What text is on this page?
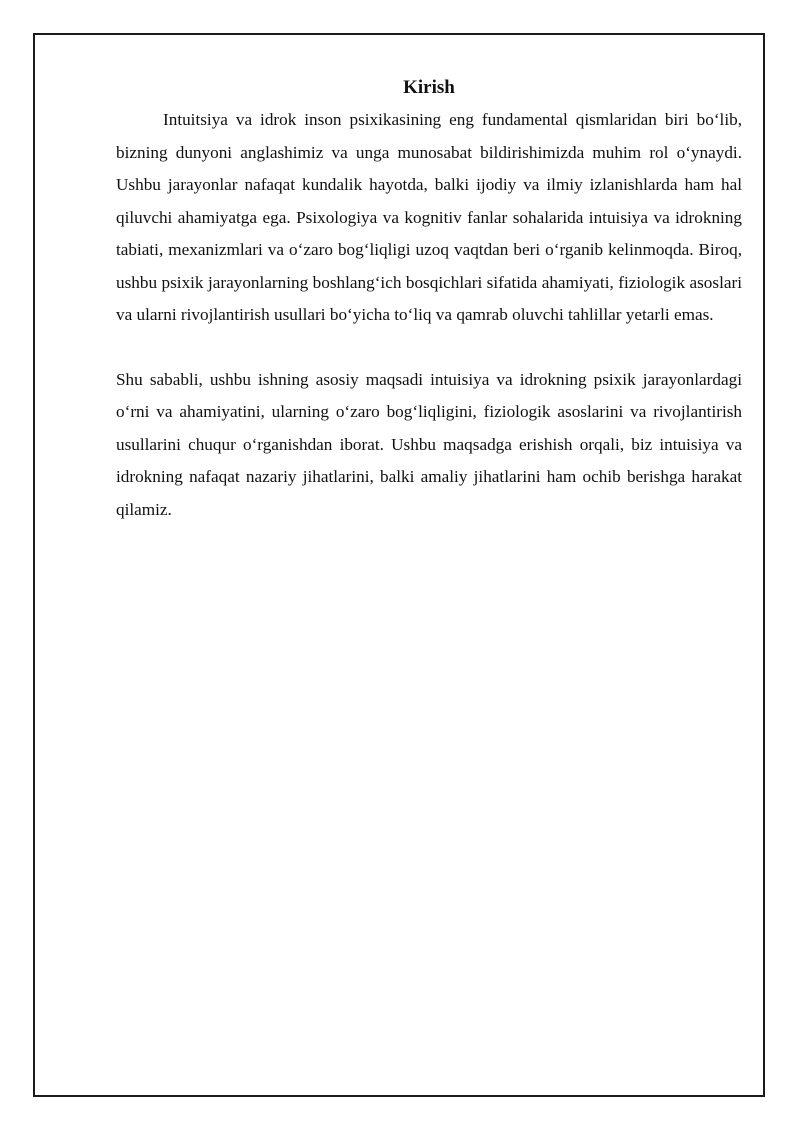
Kirish

Intuitsiya va idrok inson psixikasining eng fundamental qismlaridan biri bo‘lib, bizning dunyoni anglashimiz va unga munosabat bildirishimizda muhim rol o‘ynaydi. Ushbu jarayonlar nafaqat kundalik hayotda, balki ijodiy va ilmiy izlanishlarda ham hal qiluvchi ahamiyatga ega. Psixologiya va kognitiv fanlar sohalarida intuisiya va idrokning tabiati, mexanizmlari va o‘zaro bog‘liqligi uzoq vaqtdan beri o‘rganib kelinmoqda. Biroq, ushbu psixik jarayonlarning boshlang‘ich bosqichlari sifatida ahamiyati, fiziologik asoslari va ularni rivojlantirish usullari bo‘yicha to‘liq va qamrab oluvchi tahlillar yetarli emas.

Shu sababli, ushbu ishning asosiy maqsadi intuisiya va idrokning psixik jarayonlardagi o‘rni va ahamiyatini, ularning o‘zaro bog‘liqligini, fiziologik asoslarini va rivojlantirish usullarini chuqur o‘rganishdan iborat. Ushbu maqsadga erishish orqali, biz intuisiya va idrokning nafaqat nazariy jihatlarini, balki amaliy jihatlarini ham ochib berishga harakat qilamiz.
